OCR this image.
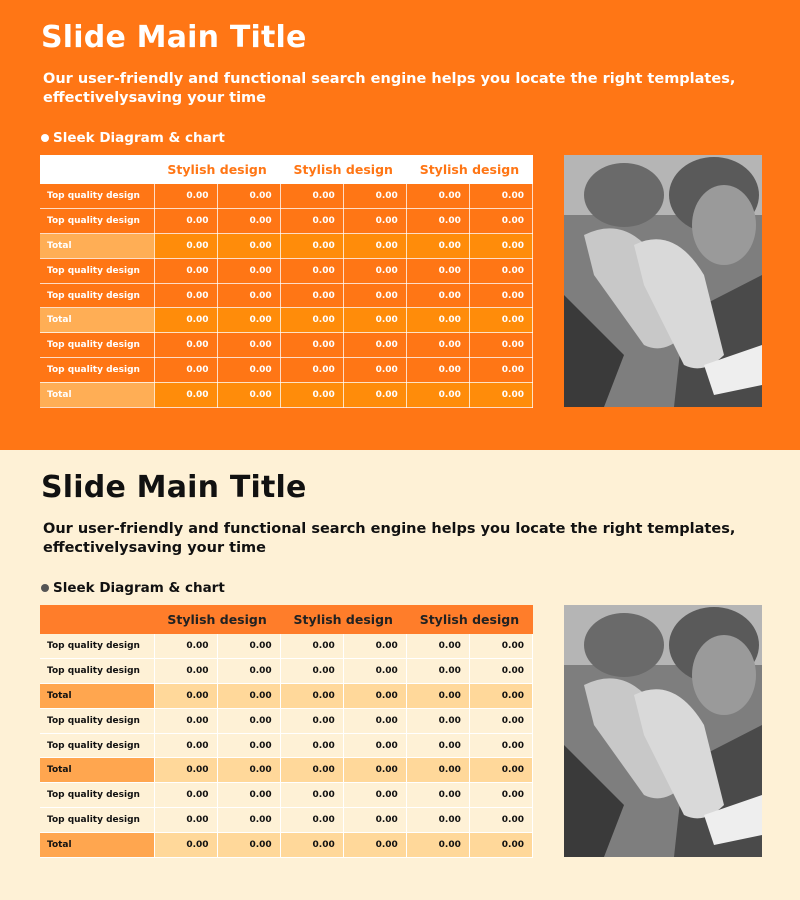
Slide Main Title
Our user-friendly and functional search engine helps you locate the right templates, effectivelysaving your time
Sleek Diagram & chart
	Stylish design		Stylish design		Stylish design	
Top quality design	0.00	0.00	0.00	0.00	0.00	0.00
Top quality design	0.00	0.00	0.00	0.00	0.00	0.00
Total	0.00	0.00	0.00	0.00	0.00	0.00
Top quality design	0.00	0.00	0.00	0.00	0.00	0.00
Top quality design	0.00	0.00	0.00	0.00	0.00	0.00
Total	0.00	0.00	0.00	0.00	0.00	0.00
Top quality design	0.00	0.00	0.00	0.00	0.00	0.00
Top quality design	0.00	0.00	0.00	0.00	0.00	0.00
Total	0.00	0.00	0.00	0.00	0.00	0.00
Slide Main Title
Our user-friendly and functional search engine helps you locate the right templates, effectivelysaving your time
Sleek Diagram & chart
	Stylish design		Stylish design		Stylish design	
Top quality design	0.00	0.00	0.00	0.00	0.00	0.00
Top quality design	0.00	0.00	0.00	0.00	0.00	0.00
Total	0.00	0.00	0.00	0.00	0.00	0.00
Top quality design	0.00	0.00	0.00	0.00	0.00	0.00
Top quality design	0.00	0.00	0.00	0.00	0.00	0.00
Total	0.00	0.00	0.00	0.00	0.00	0.00
Top quality design	0.00	0.00	0.00	0.00	0.00	0.00
Top quality design	0.00	0.00	0.00	0.00	0.00	0.00
Total	0.00	0.00	0.00	0.00	0.00	0.00
